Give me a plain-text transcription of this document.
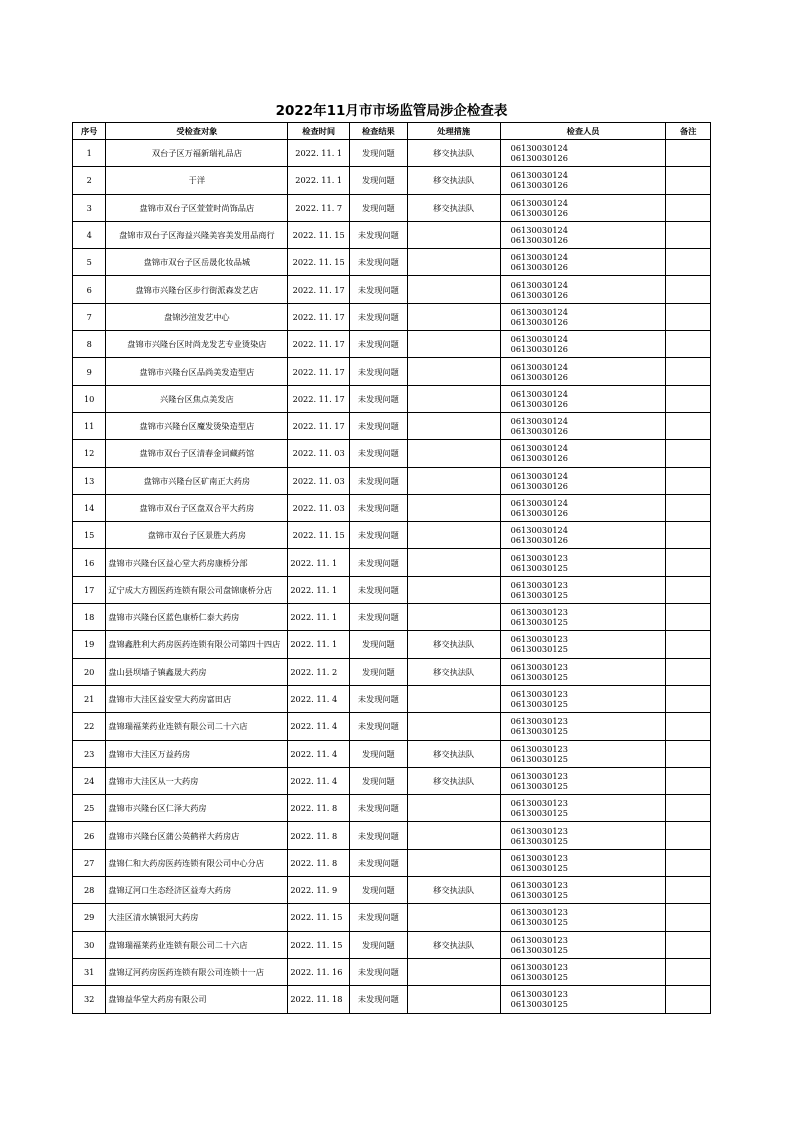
2022年11月市市场监管局涉企检查表
序号	受检查对象	检查时间	检查结果	处理措施	检查人员	备注
1	双台子区万福新瑞礼品店	2022. 11. 1	发现问题	移交执法队	0613003012406130030126	
2	于洋	2022. 11. 1	发现问题	移交执法队	0613003012406130030126	
3	盘锦市双台子区萱萱时尚饰品店	2022. 11. 7	发现问题	移交执法队	0613003012406130030126	
4	盘锦市双台子区海益兴隆美容美发用品商行	2022. 11. 15	未发现问题		0613003012406130030126	
5	盘锦市双台子区岳晟化妆品城	2022. 11. 15	未发现问题		0613003012406130030126	
6	盘锦市兴隆台区步行街派森发艺店	2022. 11. 17	未发现问题		0613003012406130030126	
7	盘锦沙渲发艺中心	2022. 11. 17	未发现问题		0613003012406130030126	
8	盘锦市兴隆台区时尚龙发艺专业烫染店	2022. 11. 17	未发现问题		0613003012406130030126	
9	盘锦市兴隆台区品尚美发造型店	2022. 11. 17	未发现问题		0613003012406130030126	
10	兴隆台区焦点美发店	2022. 11. 17	未发现问题		0613003012406130030126	
11	盘锦市兴隆台区魔发烫染造型店	2022. 11. 17	未发现问题		0613003012406130030126	
12	盘锦市双台子区清春金词藏药馆	2022. 11. 03	未发现问题		0613003012406130030126	
13	盘锦市兴隆台区矿南正大药房	2022. 11. 03	未发现问题		0613003012406130030126	
14	盘锦市双台子区盘双合平大药房	2022. 11. 03	未发现问题		0613003012406130030126	
15	盘锦市双台子区景胜大药房	2022. 11. 15	未发现问题		0613003012406130030126	
16	盘锦市兴隆台区益心堂大药房康桥分部	2022. 11. 1	未发现问题		0613003012306130030125	
17	辽宁成大方圆医药连锁有限公司盘锦康桥分店	2022. 11. 1	未发现问题		0613003012306130030125	
18	盘锦市兴隆台区蓝色康桥仁泰大药房	2022. 11. 1	未发现问题		0613003012306130030125	
19	盘锦鑫胜利大药房医药连锁有限公司第四十四店	2022. 11. 1	发现问题	移交执法队	0613003012306130030125	
20	盘山县坝墙子镇鑫晟大药房	2022. 11. 2	发现问题	移交执法队	0613003012306130030125	
21	盘锦市大洼区益安堂大药房富田店	2022. 11. 4	未发现问题		0613003012306130030125	
22	盘锦瑞福莱药业连锁有限公司二十六店	2022. 11. 4	未发现问题		0613003012306130030125	
23	盘锦市大洼区万益药房	2022. 11. 4	发现问题	移交执法队	0613003012306130030125	
24	盘锦市大洼区从一大药房	2022. 11. 4	发现问题	移交执法队	0613003012306130030125	
25	盘锦市兴隆台区仁泽大药房	2022. 11. 8	未发现问题		0613003012306130030125	
26	盘锦市兴隆台区蒲公英鹤祥大药房店	2022. 11. 8	未发现问题		0613003012306130030125	
27	盘锦仁和大药房医药连锁有限公司中心分店	2022. 11. 8	未发现问题		0613003012306130030125	
28	盘锦辽河口生态经济区益寿大药房	2022. 11. 9	发现问题	移交执法队	0613003012306130030125	
29	大洼区清水镇银河大药房	2022. 11. 15	未发现问题		0613003012306130030125	
30	盘锦瑞福莱药业连锁有限公司二十六店	2022. 11. 15	发现问题	移交执法队	0613003012306130030125	
31	盘锦辽河药房医药连锁有限公司连锁十一店	2022. 11. 16	未发现问题		0613003012306130030125	
32	盘锦益华堂大药房有限公司	2022. 11. 18	未发现问题		0613003012306130030125	
